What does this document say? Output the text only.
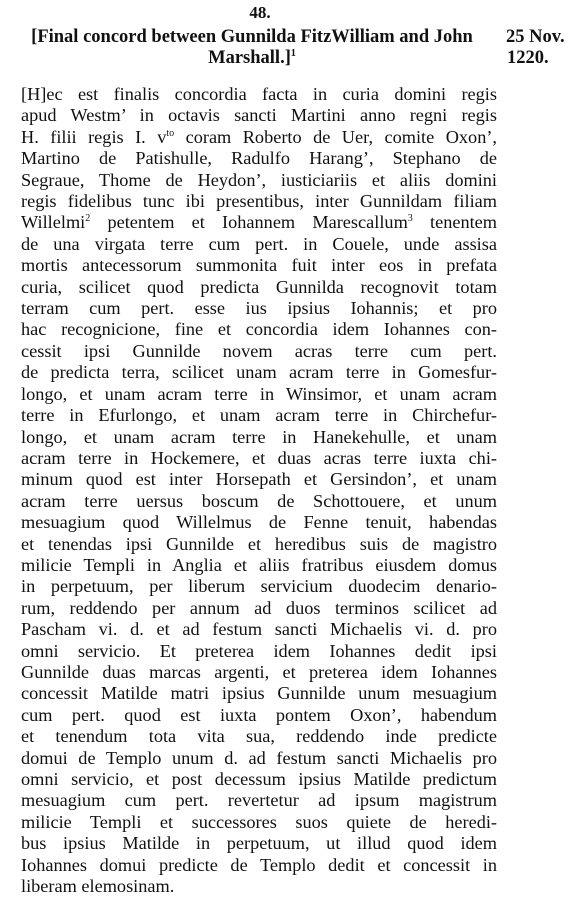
48.
[Final concord between Gunnilda FitzWilliam and John
Marshall.]$^1$
25 Nov.
1220.
[H]ec est finalis concordia facta in curia domini regis
apud Westm’ in octavis sancti Martini anno regni regis
H. filii regis I. $v^{to}$ coram Roberto de Uer, comite Oxon’,
Martino de Patishulle, Radulfo Harang’, Stephano de
Segraue, Thome de Heydon’, iusticiariis et aliis domini
regis fidelibus tunc ibi presentibus, inter Gunnildam filiam
Willelmi$^2$ petentem et Iohannem Marescallum$^3$ tenentem
de una virgata terre cum pert. in Couele, unde assisa
mortis antecessorum summonita fuit inter eos in prefata
curia, scilicet quod predicta Gunnilda recognovit totam
terram cum pert. esse ius ipsius Iohannis; et pro
hac recognicione, fine et concordia idem Iohannes con-
cessit ipsi Gunnilde novem acras terre cum pert.
de predicta terra, scilicet unam acram terre in Gomesfur-
longo, et unam acram terre in Winsimor, et unam acram
terre in Efurlongo, et unam acram terre in Chirchefur-
longo, et unam acram terre in Hanekehulle, et unam
acram terre in Hockemere, et duas acras terre iuxta chi-
minum quod est inter Horsepath et Gersindon’, et unam
acram terre uersus boscum de Schottouere, et unum
mesuagium quod Willelmus de Fenne tenuit, habendas
et tenendas ipsi Gunnilde et heredibus suis de magistro
milicie Templi in Anglia et aliis fratribus eiusdem domus
in perpetuum, per liberum servicium duodecim denario-
rum, reddendo per annum ad duos terminos scilicet ad
Pascham vi. d. et ad festum sancti Michaelis vi. d. pro
omni servicio. Et preterea idem Iohannes dedit ipsi
Gunnilde duas marcas argenti, et preterea idem Iohannes
concessit Matilde matri ipsius Gunnilde unum mesuagium
cum pert. quod est iuxta pontem Oxon’, habendum
et tenendum tota vita sua, reddendo inde predicte
domui de Templo unum d. ad festum sancti Michaelis pro
omni servicio, et post decessum ipsius Matilde predictum
mesuagium cum pert. revertetur ad ipsum magistrum
milicie Templi et successores suos quiete de heredi-
bus ipsius Matilde in perpetuum, ut illud quod idem
Iohannes domui predicte de Templo dedit et concessit in
liberam elemosinam.
